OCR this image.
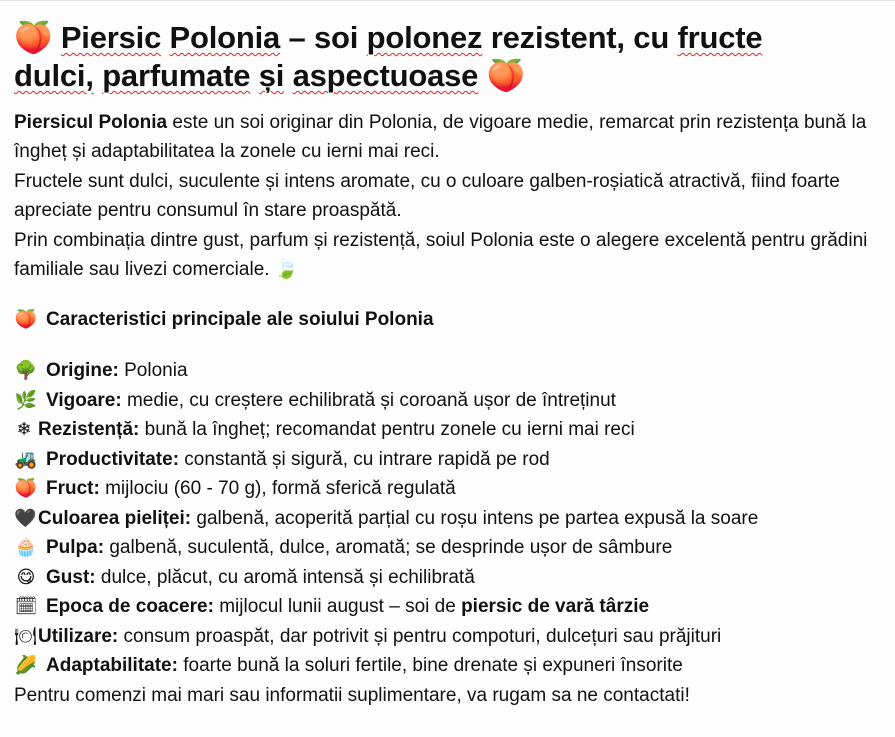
🍑 Piersic Polonia – soi polonez rezistent, cu fructe
dulci, parfumate și aspectuoase 🍑

Piersicul Polonia este un soi originar din Polonia, de vigoare medie, remarcat prin rezistența bună la îngheț și adaptabilitatea la zonele cu ierni mai reci.

Fructele sunt dulci, suculente și intens aromate, cu o culoare galben-roșiatică atractivă, fiind foarte apreciate pentru consumul în stare proaspătă.

Prin combinația dintre gust, parfum și rezistență, soiul Polonia este o alegere excelentă pentru grădini familiale sau livezi comerciale. 🍃

🍑 Caracteristici principale ale soiului Polonia
🌳 Origine: Polonia
🌿 Vigoare: medie, cu creștere echilibrată și coroană ușor de întreținut
❄ Rezistență: bună la îngheț; recomandat pentru zonele cu ierni mai reci
🚜 Productivitate: constantă și sigură, cu intrare rapidă pe rod
🍑 Fruct: mijlociu (60 - 70 g), formă sferică regulată
🖤Culoarea pieliței: galbenă, acoperită parțial cu roșu intens pe partea expusă la soare
🧁 Pulpa: galbenă, suculentă, dulce, aromată; se desprinde ușor de sâmbure
😋 Gust: dulce, plăcut, cu aromă intensă și echilibrată
🗓 Epoca de coacere: mijlocul lunii august – soi de piersic de vară târzie
🍽Utilizare: consum proaspăt, dar potrivit și pentru compoturi, dulcețuri sau prăjituri
🌽 Adaptabilitate: foarte bună la soluri fertile, bine drenate și expuneri însorite
Pentru comenzi mai mari sau informatii suplimentare, va rugam sa ne contactati!
